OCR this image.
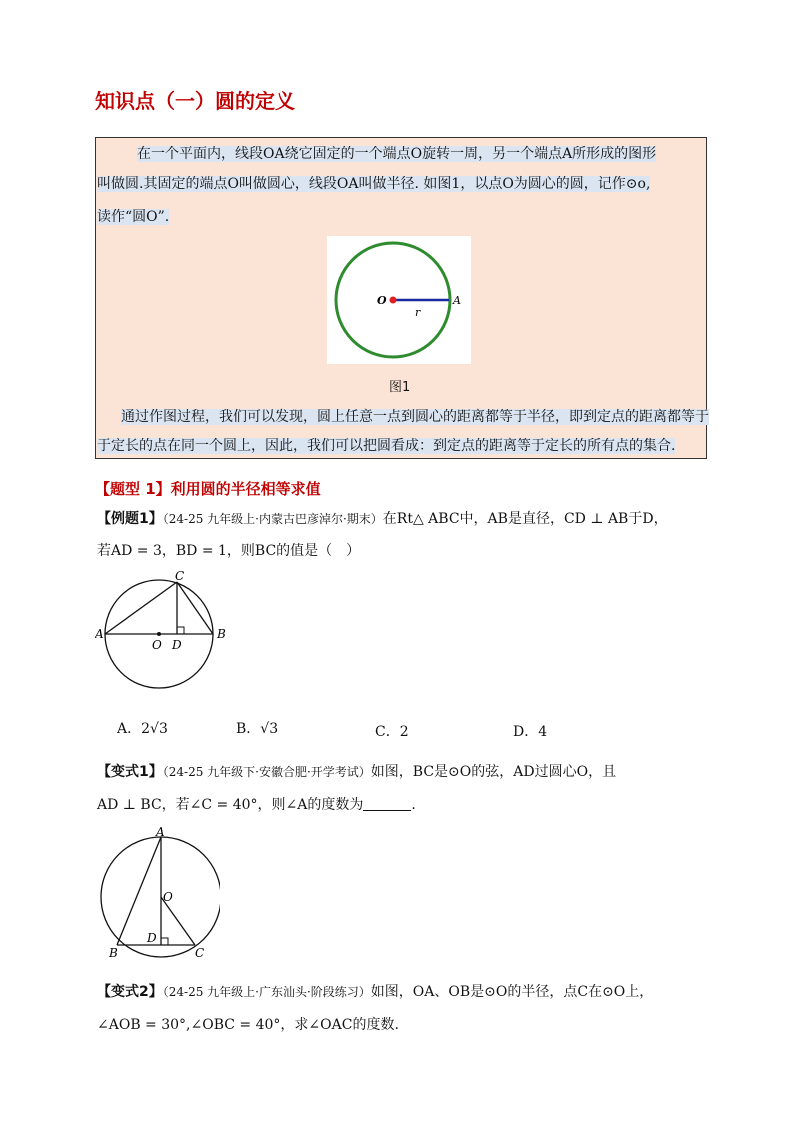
知识点（一）圆的定义
在一个平面内，线段OA绕它固定的一个端点O旋转一周，另一个端点A所形成的图形
叫做圆.其固定的端点O叫做圆心，线段OA叫做半径. 如图1，以点O为圆心的圆，记作⊙o,
读作“圆O”.
O	A
r
图1
通过作图过程，我们可以发现，圆上任意一点到圆心的距离都等于半径，即到定点的距离都等于
于定长的点在同一个圆上，因此，我们可以把圆看成：到定点的距离等于定长的所有点的集合.
【题型 1】利用圆的半径相等求值
【例题1】（24-25 九年级上·内蒙古巴彦淖尔·期末）在Rt△ ABC中，AB是直径，CD ⊥ AB于D，
若AD = 3，BD = 1，则BC的值是（　）
A	B
C
O D
A．2√3	B．√3	C．2	D．4
【变式1】（24-25 九年级下·安徽合肥·开学考试）如图，BC是⊙O的弦，AD过圆心O，且
AD ⊥ BC，若∠C = 40°，则∠A的度数为	.
A
O
D
B	C
【变式2】（24-25 九年级上·广东汕头·阶段练习）如图，OA、OB是⊙O的半径，点C在⊙O上，
∠AOB = 30°,∠OBC = 40°，求∠OAC的度数.
